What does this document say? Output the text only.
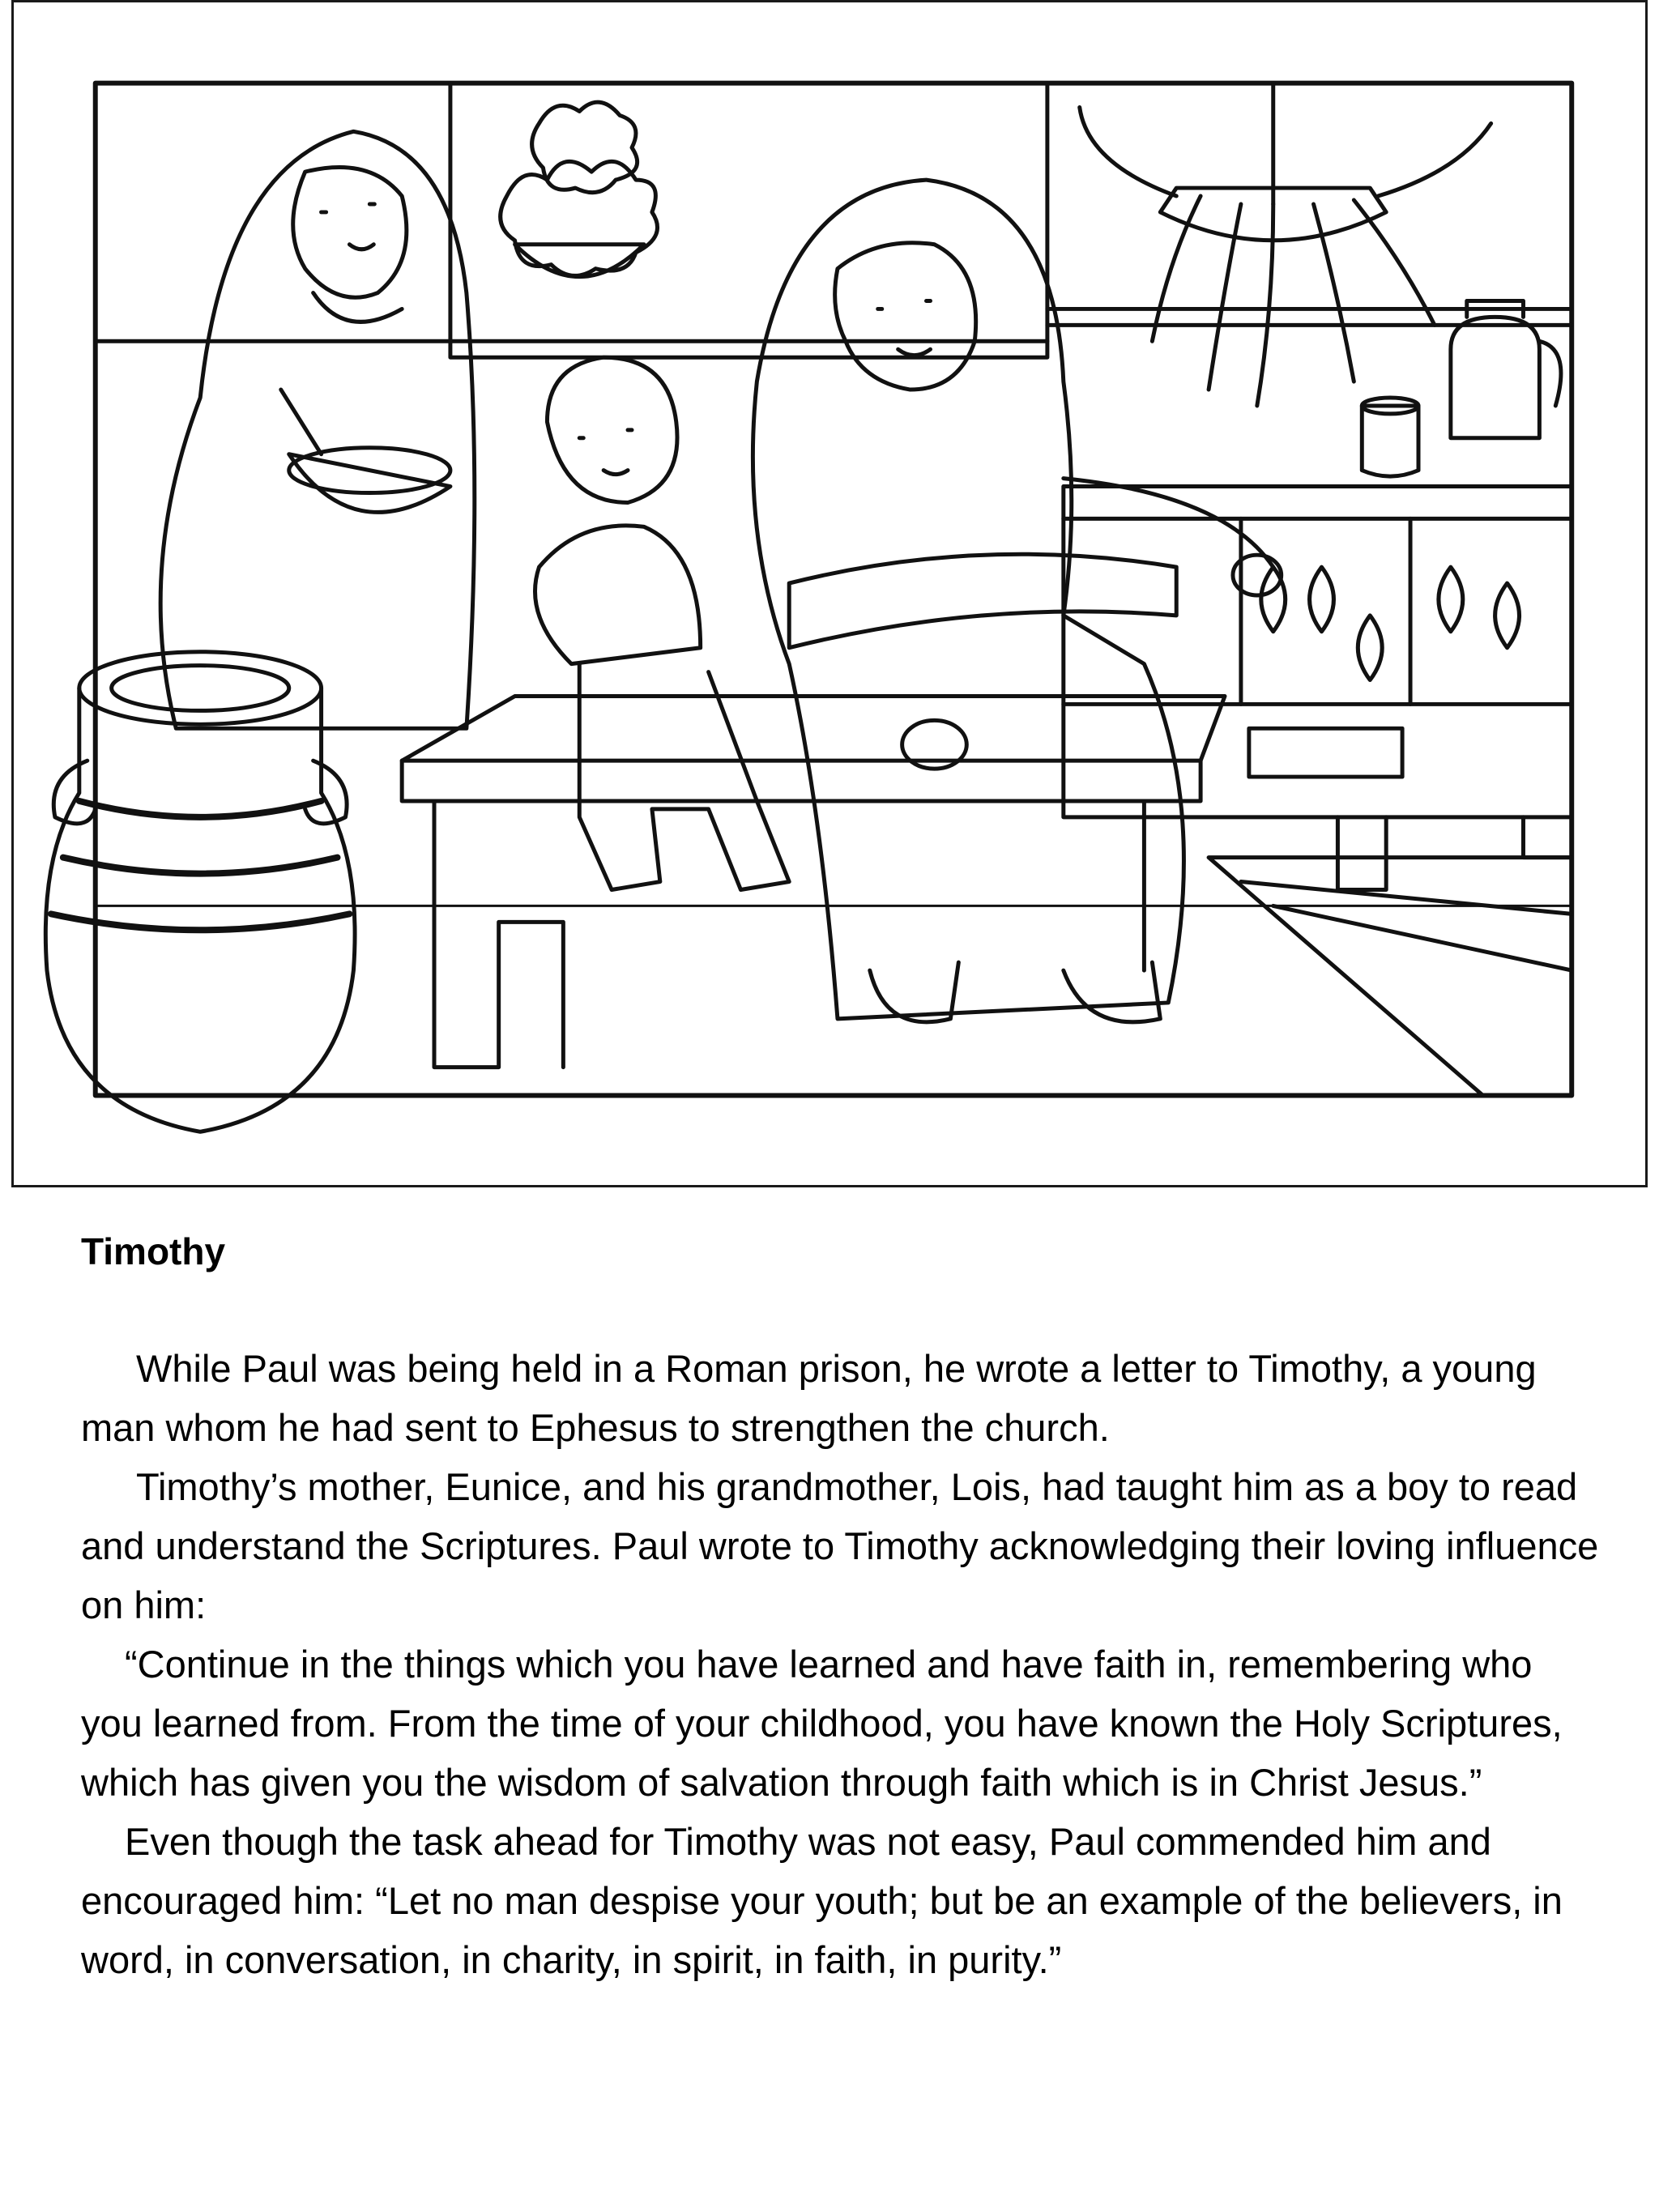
Timothy

While Paul was being held in a Roman prison, he wrote a letter to Timothy, a young man whom he had sent to Ephesus to strengthen the church.

Timothy’s mother, Eunice, and his grandmother, Lois, had taught him as a boy to read and understand the Scriptures. Paul wrote to Timothy acknowledging their loving influence on him:

“Continue in the things which you have learned and have faith in, remembering who you learned from. From the time of your childhood, you have known the Holy Scriptures, which has given you the wisdom of salvation through faith which is in Christ Jesus.”

Even though the task ahead for Timothy was not easy, Paul commended him and encouraged him: “Let no man despise your youth; but be an example of the believers, in word, in conversation, in charity, in spirit, in faith, in purity.”
